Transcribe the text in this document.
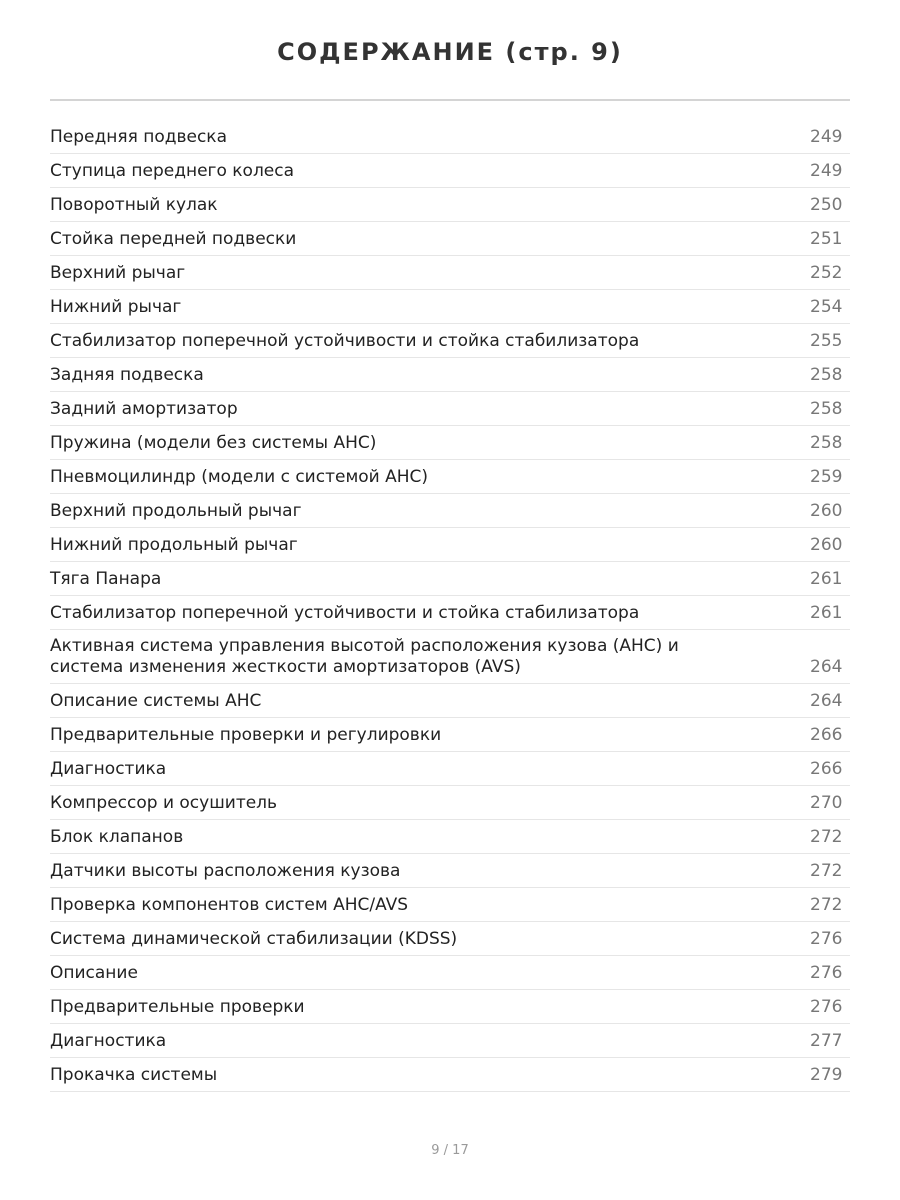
СОДЕРЖАНИЕ (стр. 9)
Передняя подвеска	249
Ступица переднего колеса	249
Поворотный кулак	250
Стойка передней подвески	251
Верхний рычаг	252
Нижний рычаг	254
Стабилизатор поперечной устойчивости и стойка стабилизатора	255
Задняя подвеска	258
Задний амортизатор	258
Пружина (модели без системы AHC)	258
Пневмоцилиндр (модели с системой AHC)	259
Верхний продольный рычаг	260
Нижний продольный рычаг	260
Тяга Панара	261
Стабилизатор поперечной устойчивости и стойка стабилизатора	261
Активная система управления высотой расположения кузова (AHC) и система изменения жесткости амортизаторов (AVS)	264
Описание системы AHC	264
Предварительные проверки и регулировки	266
Диагностика	266
Компрессор и осушитель	270
Блок клапанов	272
Датчики высоты расположения кузова	272
Проверка компонентов систем AHC/AVS	272
Система динамической стабилизации (KDSS)	276
Описание	276
Предварительные проверки	276
Диагностика	277
Прокачка системы	279
9 / 17
